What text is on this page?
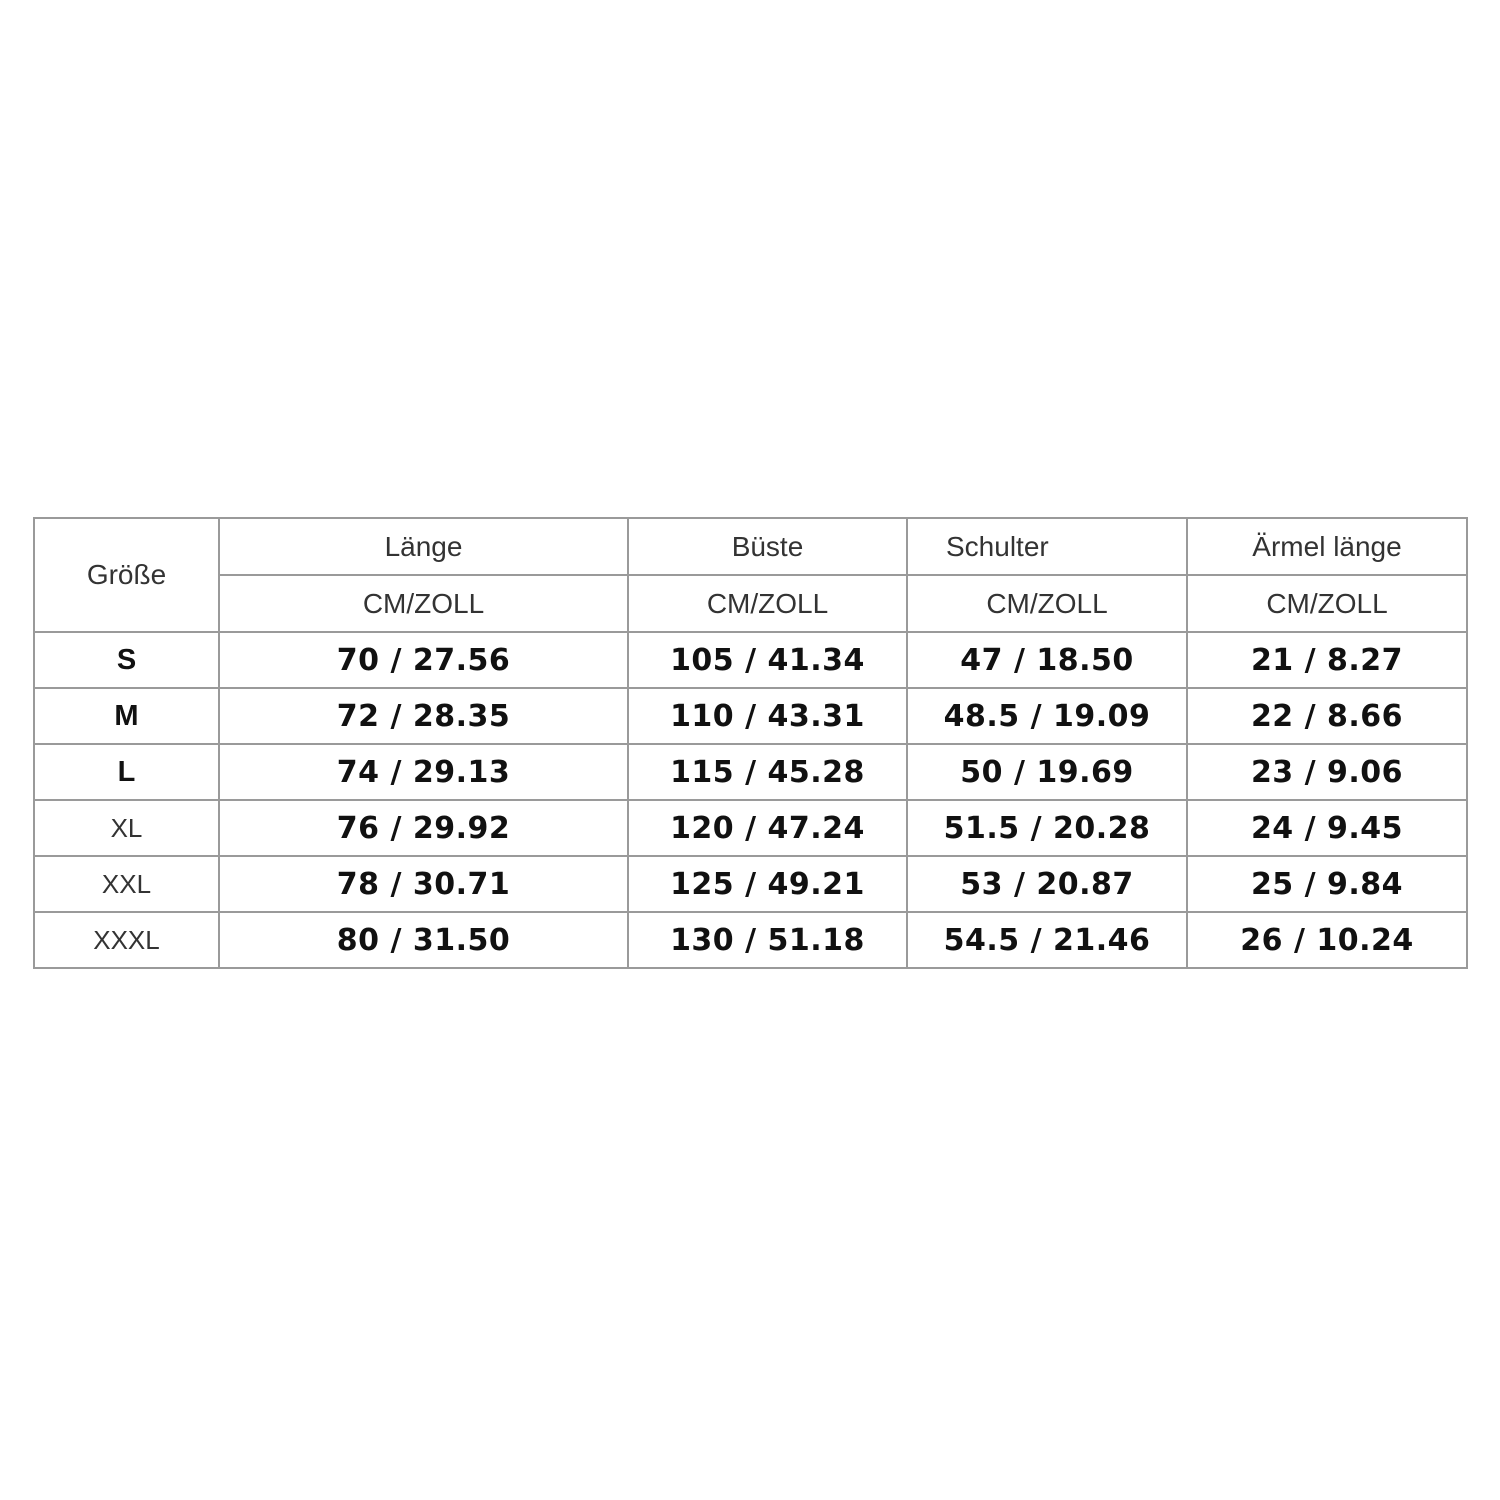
Größe	Länge	Büste	Schulter	Ärmel länge
	CM/ZOLL	CM/ZOLL	CM/ZOLL	CM/ZOLL
S	70 / 27.56	105 / 41.34	47 / 18.50	21 / 8.27
M	72 / 28.35	110 / 43.31	48.5 / 19.09	22 / 8.66
L	74 / 29.13	115 / 45.28	50 / 19.69	23 / 9.06
XL	76 / 29.92	120 / 47.24	51.5 / 20.28	24 / 9.45
XXL	78 / 30.71	125 / 49.21	53 / 20.87	25 / 9.84
XXXL	80 / 31.50	130 / 51.18	54.5 / 21.46	26 / 10.24
